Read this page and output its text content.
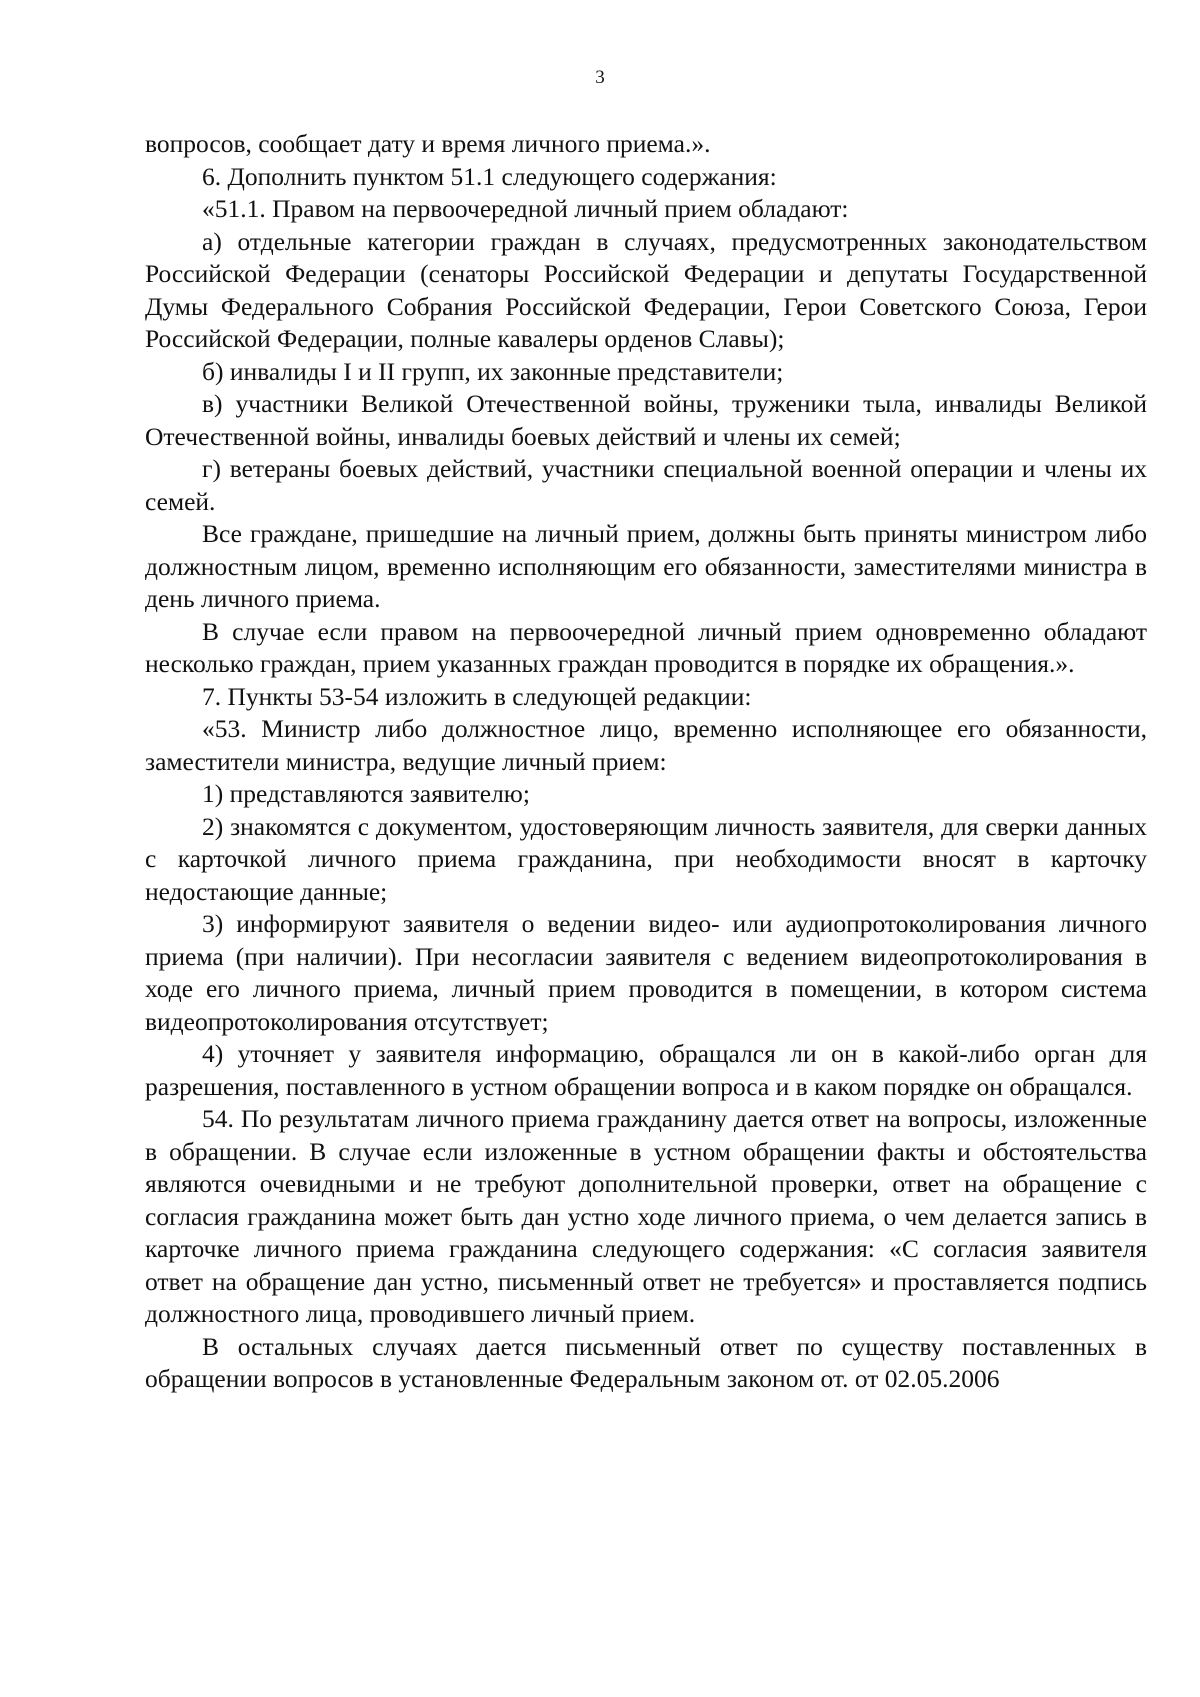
3

вопросов, сообщает дату и время личного приема.».

6. Дополнить пунктом 51.1 следующего содержания:

«51.1. Правом на первоочередной личный прием обладают:

а) отдельные категории граждан в случаях, предусмотренных законодательством Российской Федерации (сенаторы Российской Федерации и депутаты Государственной Думы Федерального Собрания Российской Федерации, Герои Советского Союза, Герои Российской Федерации, полные кавалеры орденов Славы);

б) инвалиды I и II групп, их законные представители;

в) участники Великой Отечественной войны, труженики тыла, инвалиды Великой Отечественной войны, инвалиды боевых действий и члены их семей;

г) ветераны боевых действий, участники специальной военной операции и члены их семей.

Все граждане, пришедшие на личный прием, должны быть приняты министром либо должностным лицом, временно исполняющим его обязанности, заместителями министра в день личного приема.

В случае если правом на первоочередной личный прием одновременно обладают несколько граждан, прием указанных граждан проводится в порядке их обращения.».

7. Пункты 53-54 изложить в следующей редакции:

«53. Министр либо должностное лицо, временно исполняющее его обязанности, заместители министра, ведущие личный прием:

1) представляются заявителю;

2) знакомятся с документом, удостоверяющим личность заявителя, для сверки данных с карточкой личного приема гражданина, при необходимости вносят в карточку недостающие данные;

3) информируют заявителя о ведении видео- или аудиопротоколирования личного приема (при наличии). При несогласии заявителя с ведением видеопротоколирования в ходе его личного приема, личный прием проводится в помещении, в котором система видеопротоколирования отсутствует;

4) уточняет у заявителя информацию, обращался ли он в какой-либо орган для разрешения, поставленного в устном обращении вопроса и в каком порядке он обращался.

54. По результатам личного приема гражданину дается ответ на вопросы, изложенные в обращении. В случае если изложенные в устном обращении факты и обстоятельства являются очевидными и не требуют дополнительной проверки, ответ на обращение с согласия гражданина может быть дан устно ходе личного приема, о чем делается запись в карточке личного приема гражданина следующего содержания: «С согласия заявителя ответ на обращение дан устно, письменный ответ не требуется» и проставляется подпись должностного лица, проводившего личный прием.

В остальных случаях дается письменный ответ по существу поставленных в обращении вопросов в установленные Федеральным законом от. от 02.05.2006
